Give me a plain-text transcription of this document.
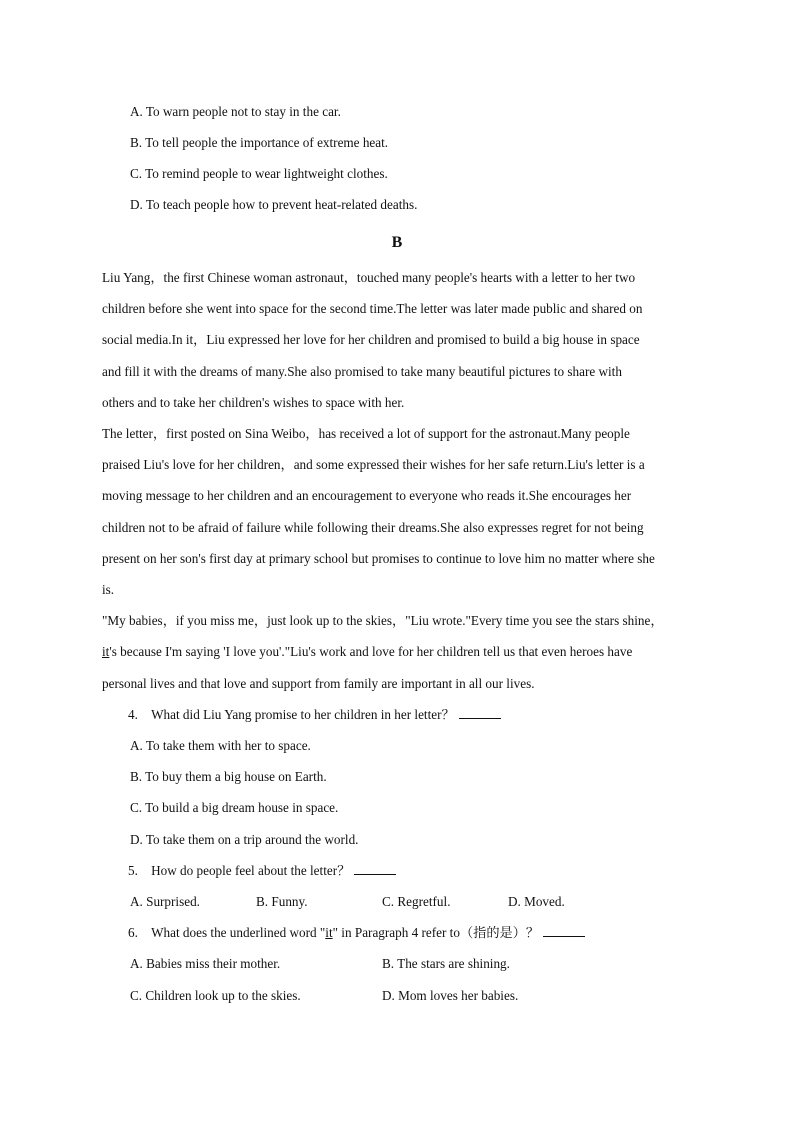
A. To warn people not to stay in the car.
B. To tell people the importance of extreme heat.
C. To remind people to wear lightweight clothes.
D. To teach people how to prevent heat-related deaths.
B
Liu Yang，the first Chinese woman astronaut，touched many people's hearts with a letter to her two
children before she went into space for the second time.The letter was later made public and shared on
social media.In it，Liu expressed her love for her children and promised to build a big house in space
and fill it with the dreams of many.She also promised to take many beautiful pictures to share with
others and to take her children's wishes to space with her.
The letter，first posted on Sina Weibo，has received a lot of support for the astronaut.Many people
praised Liu's love for her children，and some expressed their wishes for her safe return.Liu's letter is a
moving message to her children and an encouragement to everyone who reads it.She encourages her
children not to be afraid of failure while following their dreams.She also expresses regret for not being
present on her son's first day at primary school but promises to continue to love him no matter where she
is.
"My babies，if you miss me，just look up to the skies，"Liu wrote."Every time you see the stars shine，
it's because I'm saying 'I love you'."Liu's work and love for her children tell us that even heroes have
personal lives and that love and support from family are important in all our lives.
4.　What did Liu Yang promise to her children in her letter？
A. To take them with her to space.
B. To buy them a big house on Earth.
C. To build a big dream house in space.
D. To take them on a trip around the world.
5.　How do people feel about the letter？
A. Surprised.	B. Funny.	C. Regretful.	D. Moved.
6.　What does the underlined word "it" in Paragraph 4 refer to（指的是）？
A. Babies miss their mother.	B. The stars are shining.
C. Children look up to the skies.	D. Mom loves her babies.
